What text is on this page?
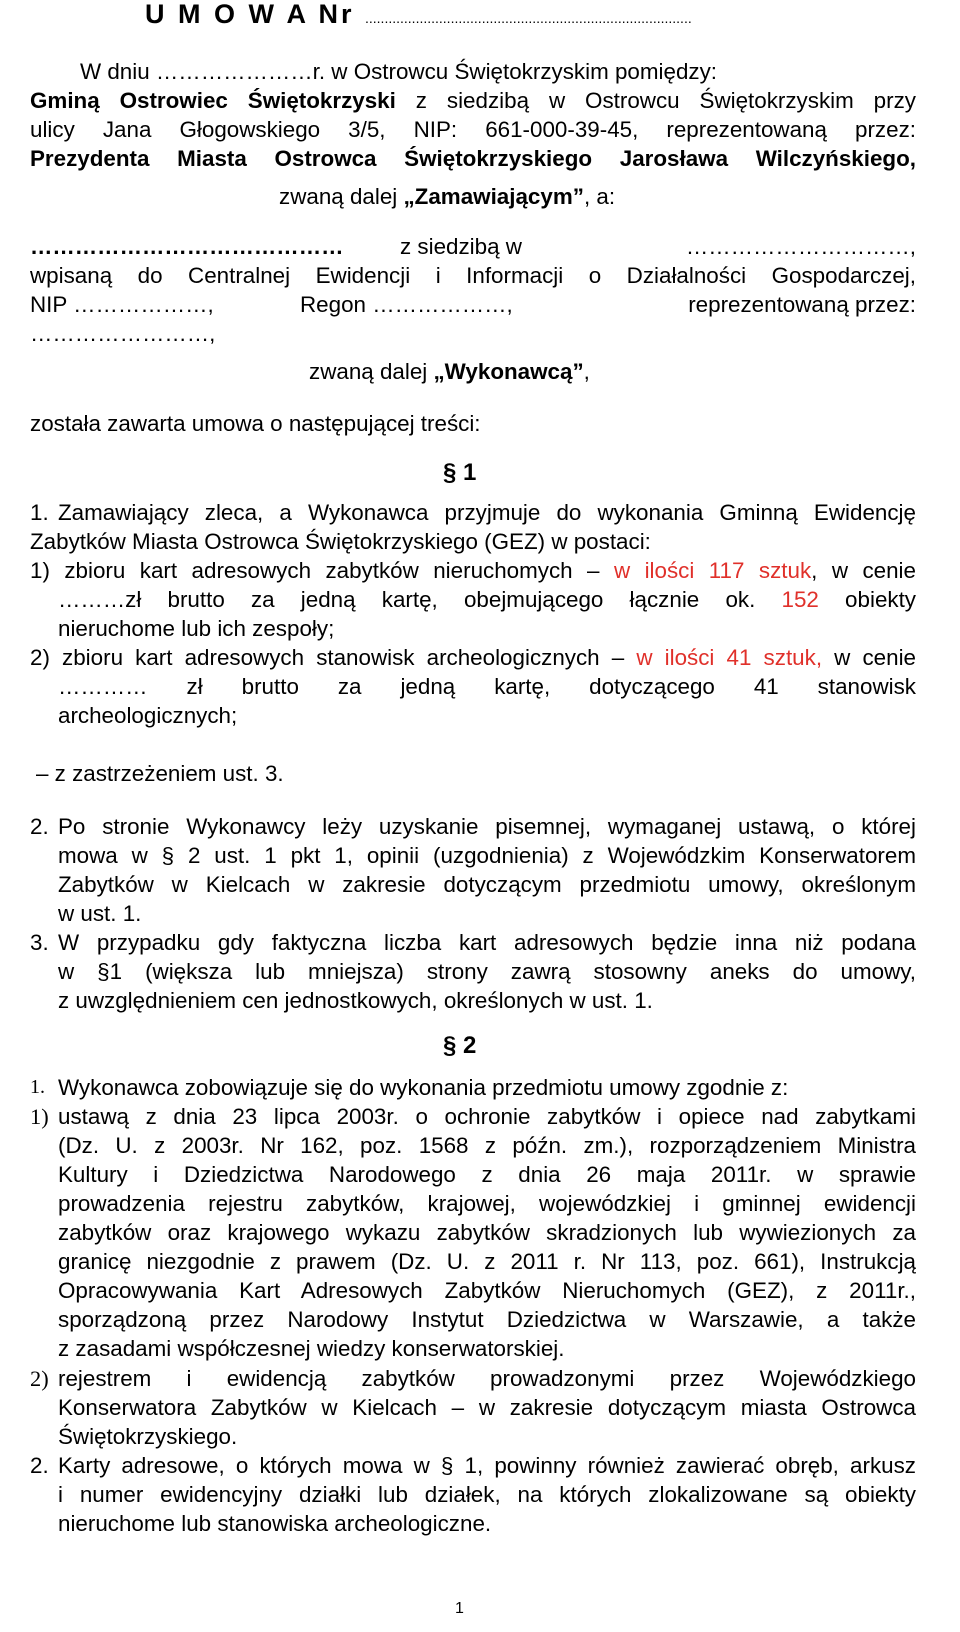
U M O W A Nr ....................................................................................
W dniu …………………r. w Ostrowcu Świętokrzyskim pomiędzy:
Gminą Ostrowiec Świętokrzyski z siedzibą w Ostrowcu Świętokrzyskim przy
ulicy Jana Głogowskiego 3/5, NIP: 661-000-39-45, reprezentowaną przez:
Prezydenta Miasta Ostrowca Świętokrzyskiego Jarosława Wilczyńskiego,
zwaną dalej „Zamawiającym”, a:
……………………………………	z siedzibą w	…………………………,
wpisaną do Centralnej Ewidencji i Informacji o Działalności Gospodarczej,
NIP ………………,	Regon ………………,	reprezentowaną przez:
……………………,
zwaną dalej „Wykonawcą”,
została zawarta umowa o następującej treści:
§ 1
1. Zamawiający zleca, a Wykonawca przyjmuje do wykonania Gminną Ewidencję
Zabytków Miasta Ostrowca Świętokrzyskiego (GEZ) w postaci:
1) zbioru kart adresowych zabytków nieruchomych – w ilości 117 sztuk, w cenie
………zł brutto za jedną kartę, obejmującego łącznie ok. 152 obiekty
nieruchome lub ich zespoły;
2) zbioru kart adresowych stanowisk archeologicznych – w ilości 41 sztuk, w cenie
………… zł brutto za jedną kartę, dotyczącego 41 stanowisk
archeologicznych;
– z zastrzeżeniem ust. 3.
2. Po stronie Wykonawcy leży uzyskanie pisemnej, wymaganej ustawą, o której
mowa w § 2 ust. 1 pkt 1, opinii (uzgodnienia) z Wojewódzkim Konserwatorem
Zabytków w Kielcach w zakresie dotyczącym przedmiotu umowy, określonym
w ust. 1.
3. W przypadku gdy faktyczna liczba kart adresowych będzie inna niż podana
w §1 (większa lub mniejsza) strony zawrą stosowny aneks do umowy,
z uwzględnieniem cen jednostkowych, określonych w ust. 1.
§ 2
1. Wykonawca zobowiązuje się do wykonania przedmiotu umowy zgodnie z:
1) ustawą z dnia 23 lipca 2003r. o ochronie zabytków i opiece nad zabytkami
(Dz. U. z 2003r. Nr 162, poz. 1568 z późn. zm.), rozporządzeniem Ministra
Kultury i Dziedzictwa Narodowego z dnia 26 maja 2011r. w sprawie
prowadzenia rejestru zabytków, krajowej, wojewódzkiej i gminnej ewidencji
zabytków oraz krajowego wykazu zabytków skradzionych lub wywiezionych za
granicę niezgodnie z prawem (Dz. U. z 2011 r. Nr 113, poz. 661), Instrukcją
Opracowywania Kart Adresowych Zabytków Nieruchomych (GEZ), z 2011r.,
sporządzoną przez Narodowy Instytut Dziedzictwa w Warszawie, a także
z zasadami współczesnej wiedzy konserwatorskiej.
2) rejestrem i ewidencją zabytków prowadzonymi przez Wojewódzkiego
Konserwatora Zabytków w Kielcach – w zakresie dotyczącym miasta Ostrowca
Świętokrzyskiego.
2. Karty adresowe, o których mowa w § 1, powinny również zawierać obręb, arkusz
i numer ewidencyjny działki lub działek, na których zlokalizowane są obiekty
nieruchome lub stanowiska archeologiczne.
1
